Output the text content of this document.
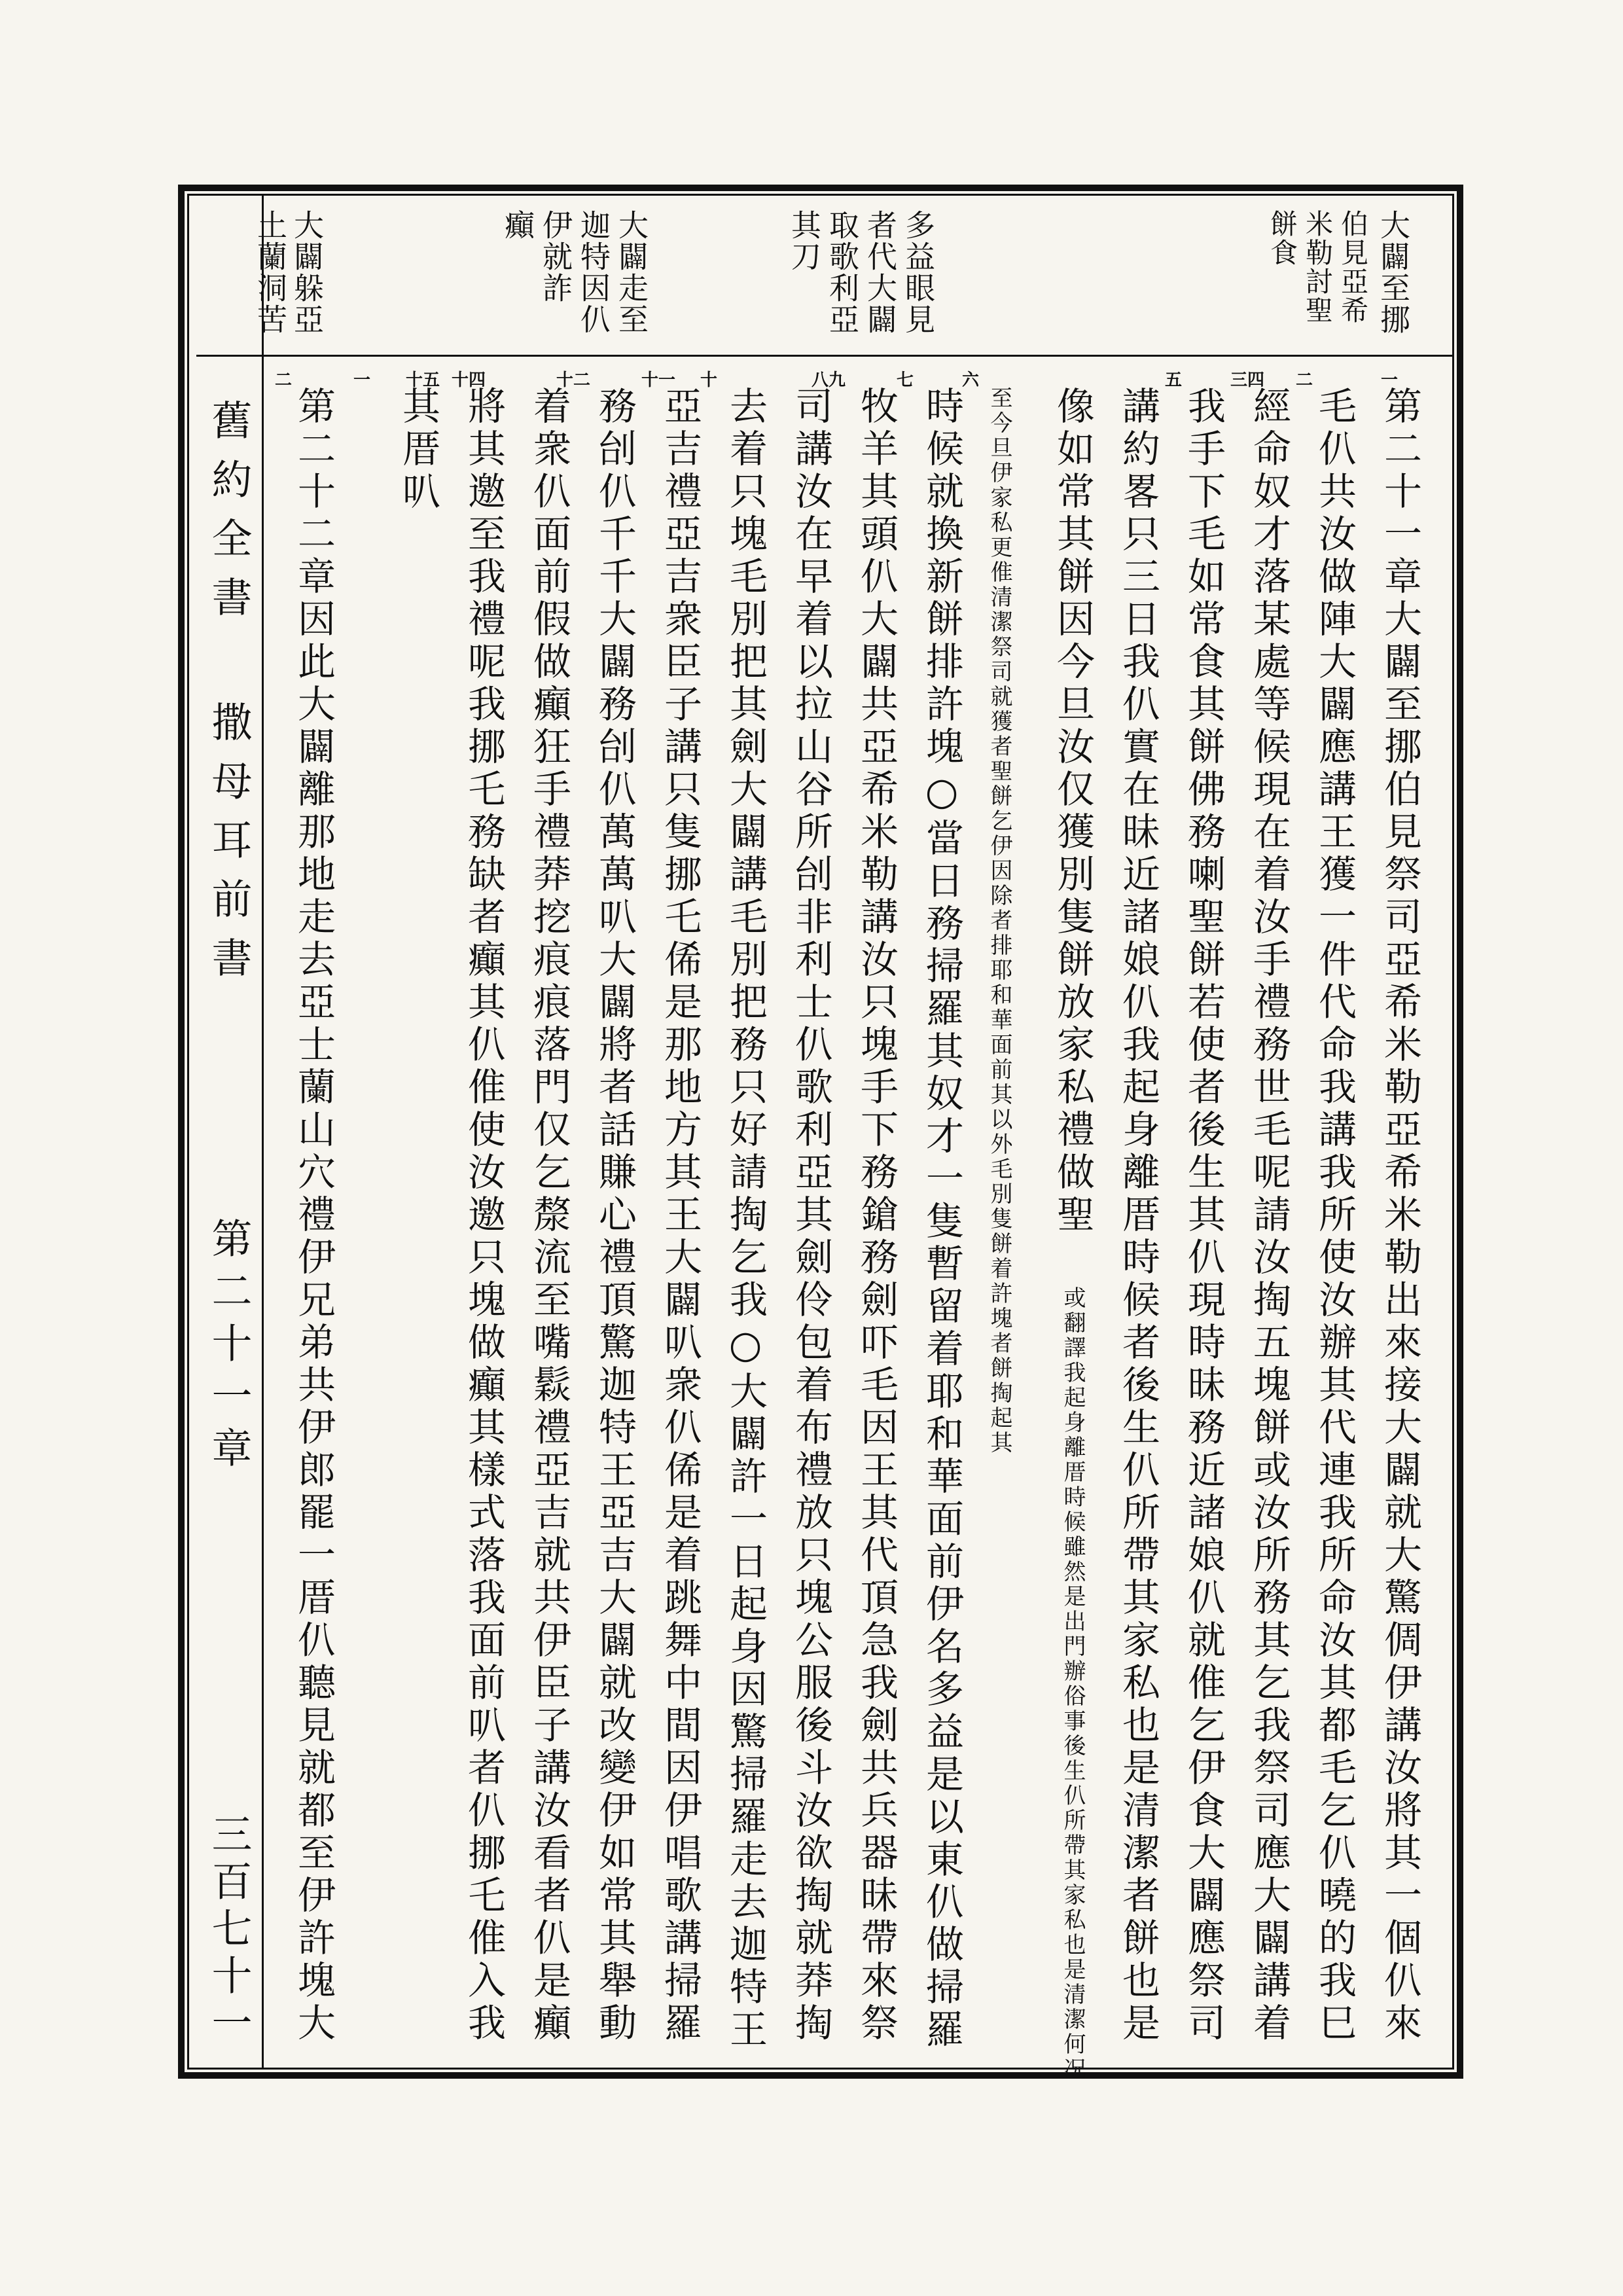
大闢至挪
伯見亞希
米勒討聖
餅食
多益眼見
者代大闢
取歌利亞
其刀
大闢走至
迦特因仈
伊就詐
癲
大闢躲亞
土蘭洞苦
一
二
三四
五
六
七
八九
十
十一
十二
十四
十五
一
二
第二十一章大闢至挪伯見祭司亞希米勒亞希米勒出來接大闢就大驚倜伊講汝將其一個仈來
毛仈共汝做陣大闢應講王獲一件代命我講我所使汝辦其代連我所命汝其都毛乞仈曉的我巳
經命奴才落某處等候現在着汝手禮務世毛呢請汝掏五塊餅或汝所務其乞我祭司應大闢講着
我手下毛如常食其餅佛務喇聖餅若使者後生其仈現時昧務近諸娘仈就倠乞伊食大闢應祭司
講約畧只三日我仈實在昧近諸娘仈我起身離厝時候者後生仈所帶其家私也是清潔者餅也是
像如常其餅因今旦汝仅獲別隻餅放家私禮做聖 或翻譯我起身離厝時候雖然是出門辦俗事後生仈所帶其家私也是清潔何况
時候就換新餅排許塊○當日務掃羅其奴才一隻暫留着耶和華面前伊名多益是以東仈做掃羅 至今旦伊家私更倠清潔祭司就獲者聖餅乞伊因除者排耶和華面前其以外毛別隻餅着許塊者餅掏起其
牧羊其頭仈大闢共亞希米勒講汝只塊手下務鎗務劍吓毛因王其代頂急我劍共兵器昧帶來祭
司講汝在早着以拉山谷所刣非利士仈歌利亞其劍伶包着布禮放只塊公服後斗汝欲掏就莽掏
去着只塊毛別把其劍大闢講毛別把務只好請掏乞我○大闢許一日起身因驚掃羅走去迦特王
亞吉禮亞吉衆臣子講只隻挪乇俙是那地方其王大闢叭衆仈俙是着跳舞中間因伊唱歌講掃羅
務刣仈千千大闢務刣仈萬萬叭大闢將者話賺心禮頂驚迦特王亞吉大闢就改變伊如常其舉動
着衆仈面前假做癲狂手禮莽挖痕痕落門仅乞漦流至嘴鬏禮亞吉就共伊臣子講汝看者仈是癲
將其邀至我禮呢我挪乇務缺者癲其仈倠使汝邀只塊做癲其樣式落我面前叭者仈挪乇倠入我
其厝叭
第二十二章因此大闢離那地走去亞士蘭山穴禮伊兄弟共伊郎罷一厝仈聽見就都至伊許塊大
舊約全書 撒母耳前書
第二十一章
三百七十一
